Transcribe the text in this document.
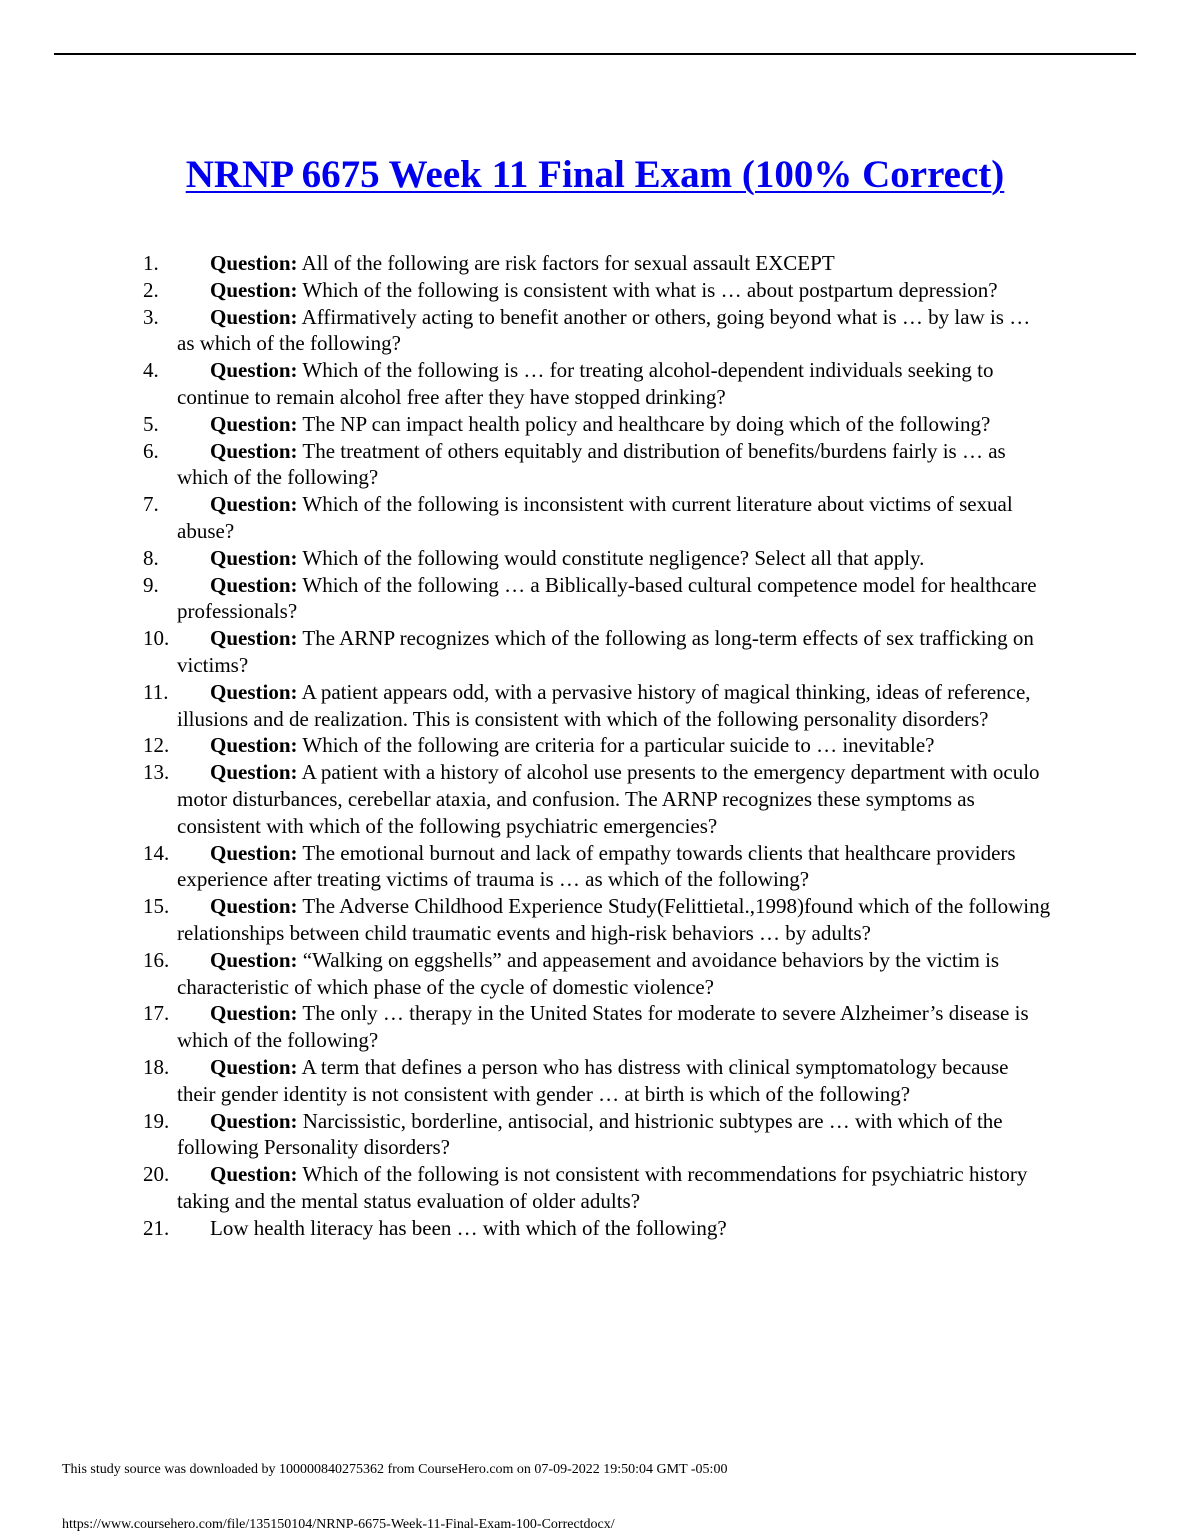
NRNP 6675 Week 11 Final Exam (100% Correct)
1. Question: All of the following are risk factors for sexual assault EXCEPT
2. Question: Which of the following is consistent with what is … about postpartum depression?
3. Question: Affirmatively acting to benefit another or others, going beyond what is … by law is … as which of the following?
4. Question: Which of the following is … for treating alcohol-dependent individuals seeking to continue to remain alcohol free after they have stopped drinking?
5. Question: The NP can impact health policy and healthcare by doing which of the following?
6. Question: The treatment of others equitably and distribution of benefits/burdens fairly is … as which of the following?
7. Question: Which of the following is inconsistent with current literature about victims of sexual abuse?
8. Question: Which of the following would constitute negligence? Select all that apply.
9. Question: Which of the following … a Biblically-based cultural competence model for healthcare professionals?
10. Question: The ARNP recognizes which of the following as long-term effects of sex trafficking on victims?
11. Question: A patient appears odd, with a pervasive history of magical thinking, ideas of reference, illusions and de realization. This is consistent with which of the following personality disorders?
12. Question: Which of the following are criteria for a particular suicide to … inevitable?
13. Question: A patient with a history of alcohol use presents to the emergency department with oculo motor disturbances, cerebellar ataxia, and confusion. The ARNP recognizes these symptoms as consistent with which of the following psychiatric emergencies?
14. Question: The emotional burnout and lack of empathy towards clients that healthcare providers experience after treating victims of trauma is … as which of the following?
15. Question: The Adverse Childhood Experience Study(Felittietal.,1998)found which of the following relationships between child traumatic events and high-risk behaviors … by adults?
16. Question: “Walking on eggshells” and appeasement and avoidance behaviors by the victim is characteristic of which phase of the cycle of domestic violence?
17. Question: The only … therapy in the United States for moderate to severe Alzheimer’s disease is which of the following?
18. Question: A term that defines a person who has distress with clinical symptomatology because their gender identity is not consistent with gender … at birth is which of the following?
19. Question: Narcissistic, borderline, antisocial, and histrionic subtypes are … with which of the following Personality disorders?
20. Question: Which of the following is not consistent with recommendations for psychiatric history taking and the mental status evaluation of older adults?
21. Low health literacy has been … with which of the following?
This study source was downloaded by 100000840275362 from CourseHero.com on 07-09-2022 19:50:04 GMT -05:00
https://www.coursehero.com/file/135150104/NRNP-6675-Week-11-Final-Exam-100-Correctdocx/
